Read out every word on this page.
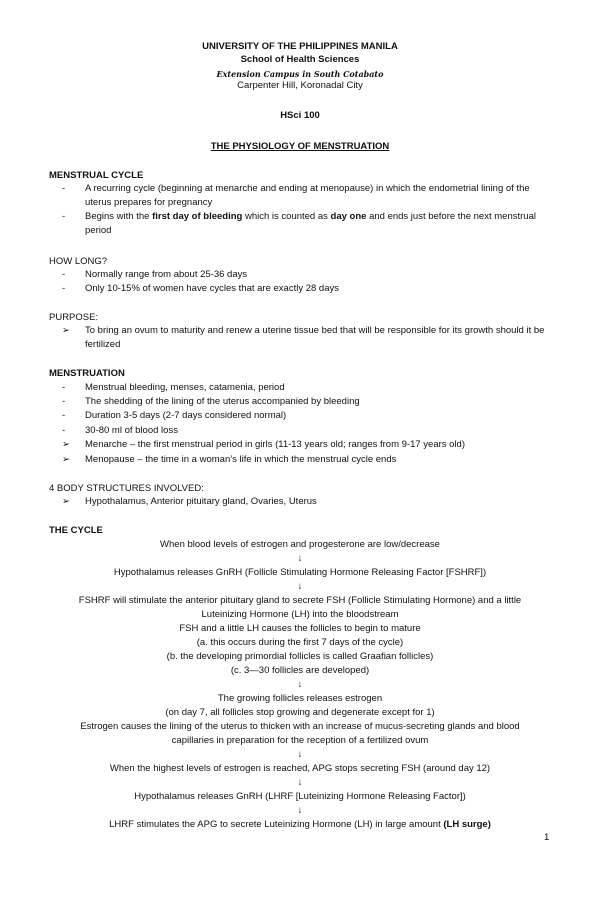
UNIVERSITY OF THE PHILIPPINES MANILA
School of Health Sciences
Extension Campus in South Cotabato
Carpenter Hill, Koronadal City
HSci 100
THE PHYSIOLOGY OF MENSTRUATION
MENSTRUAL CYCLE
-	A recurring cycle (beginning at menarche and ending at menopause) in which the endometrial lining of the uterus prepares for pregnancy
-	Begins with the first day of bleeding which is counted as day one and ends just before the next menstrual period
HOW LONG?
-	Normally range from about 25-36 days
-	Only 10-15% of women have cycles that are exactly 28 days
PURPOSE:
➢	To bring an ovum to maturity and renew a uterine tissue bed that will be responsible for its growth should it be fertilized
MENSTRUATION
-	Menstrual bleeding, menses, catamenia, period
-	The shedding of the lining of the uterus accompanied by bleeding
-	Duration 3-5 days (2-7 days considered normal)
-	30-80 ml of blood loss
➢	Menarche – the first menstrual period in girls (11-13 years old; ranges from 9-17 years old)
➢	Menopause – the time in a woman’s life in which the menstrual cycle ends
4 BODY STRUCTURES INVOLVED:
➢	Hypothalamus, Anterior pituitary gland, Ovaries, Uterus
THE CYCLE
When blood levels of estrogen and progesterone are low/decrease
↓
Hypothalamus releases GnRH (Follicle Stimulating Hormone Releasing Factor [FSHRF])
↓
FSHRF will stimulate the anterior pituitary gland to secrete FSH (Follicle Stimulating Hormone) and a little
Luteinizing Hormone (LH) into the bloodstream
FSH and a little LH causes the follicles to begin to mature
(a. this occurs during the first 7 days of the cycle)
(b. the developing primordial follicles is called Graafian follicles)
(c. 3—30 follicles are developed)
↓
The growing follicles releases estrogen
(on day 7, all follicles stop growing and degenerate except for 1)
Estrogen causes the lining of the uterus to thicken with an increase of mucus-secreting glands and blood
capillaries in preparation for the reception of a fertilized ovum
↓
When the highest levels of estrogen is reached, APG stops secreting FSH (around day 12)
↓
Hypothalamus releases GnRH (LHRF [Luteinizing Hormone Releasing Factor])
↓
LHRF stimulates the APG to secrete Luteinizing Hormone (LH) in large amount (LH surge)
1
